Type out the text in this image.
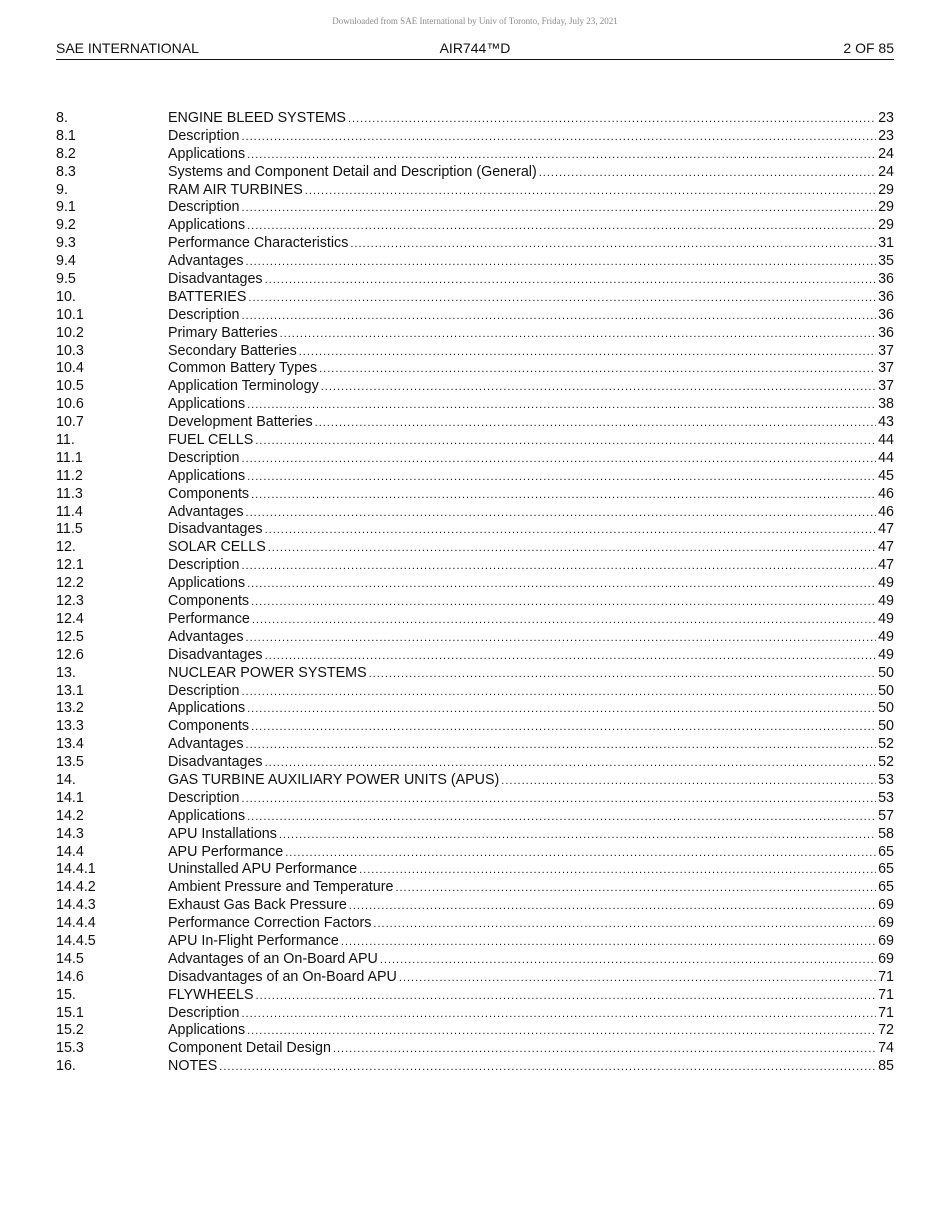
Downloaded from SAE International by Univ of Toronto, Friday, July 23, 2021
AIR744™D
SAE INTERNATIONAL	2 OF 85
8.	ENGINE BLEED SYSTEMS .....	23
8.1	Description .....	23
8.2	Applications .....	24
8.3	Systems and Component Detail and Description (General) .....	24
9.	RAM AIR TURBINES .....	29
9.1	Description .....	29
9.2	Applications .....	29
9.3	Performance Characteristics .....	31
9.4	Advantages .....	35
9.5	Disadvantages .....	36
10.	BATTERIES .....	36
10.1	Description .....	36
10.2	Primary Batteries .....	36
10.3	Secondary Batteries .....	37
10.4	Common Battery Types .....	37
10.5	Application Terminology .....	37
10.6	Applications .....	38
10.7	Development Batteries .....	43
11.	FUEL CELLS .....	44
11.1	Description .....	44
11.2	Applications .....	45
11.3	Components .....	46
11.4	Advantages .....	46
11.5	Disadvantages .....	47
12.	SOLAR CELLS .....	47
12.1	Description .....	47
12.2	Applications .....	49
12.3	Components .....	49
12.4	Performance .....	49
12.5	Advantages .....	49
12.6	Disadvantages .....	49
13.	NUCLEAR POWER SYSTEMS .....	50
13.1	Description .....	50
13.2	Applications .....	50
13.3	Components .....	50
13.4	Advantages .....	52
13.5	Disadvantages .....	52
14.	GAS TURBINE AUXILIARY POWER UNITS (APUS) .....	53
14.1	Description .....	53
14.2	Applications .....	57
14.3	APU Installations .....	58
14.4	APU Performance .....	65
14.4.1	Uninstalled APU Performance .....	65
14.4.2	Ambient Pressure and Temperature .....	65
14.4.3	Exhaust Gas Back Pressure .....	69
14.4.4	Performance Correction Factors .....	69
14.4.5	APU In-Flight Performance .....	69
14.5	Advantages of an On-Board APU .....	69
14.6	Disadvantages of an On-Board APU .....	71
15.	FLYWHEELS .....	71
15.1	Description .....	71
15.2	Applications .....	72
15.3	Component Detail Design .....	74
16.	NOTES .....	85
